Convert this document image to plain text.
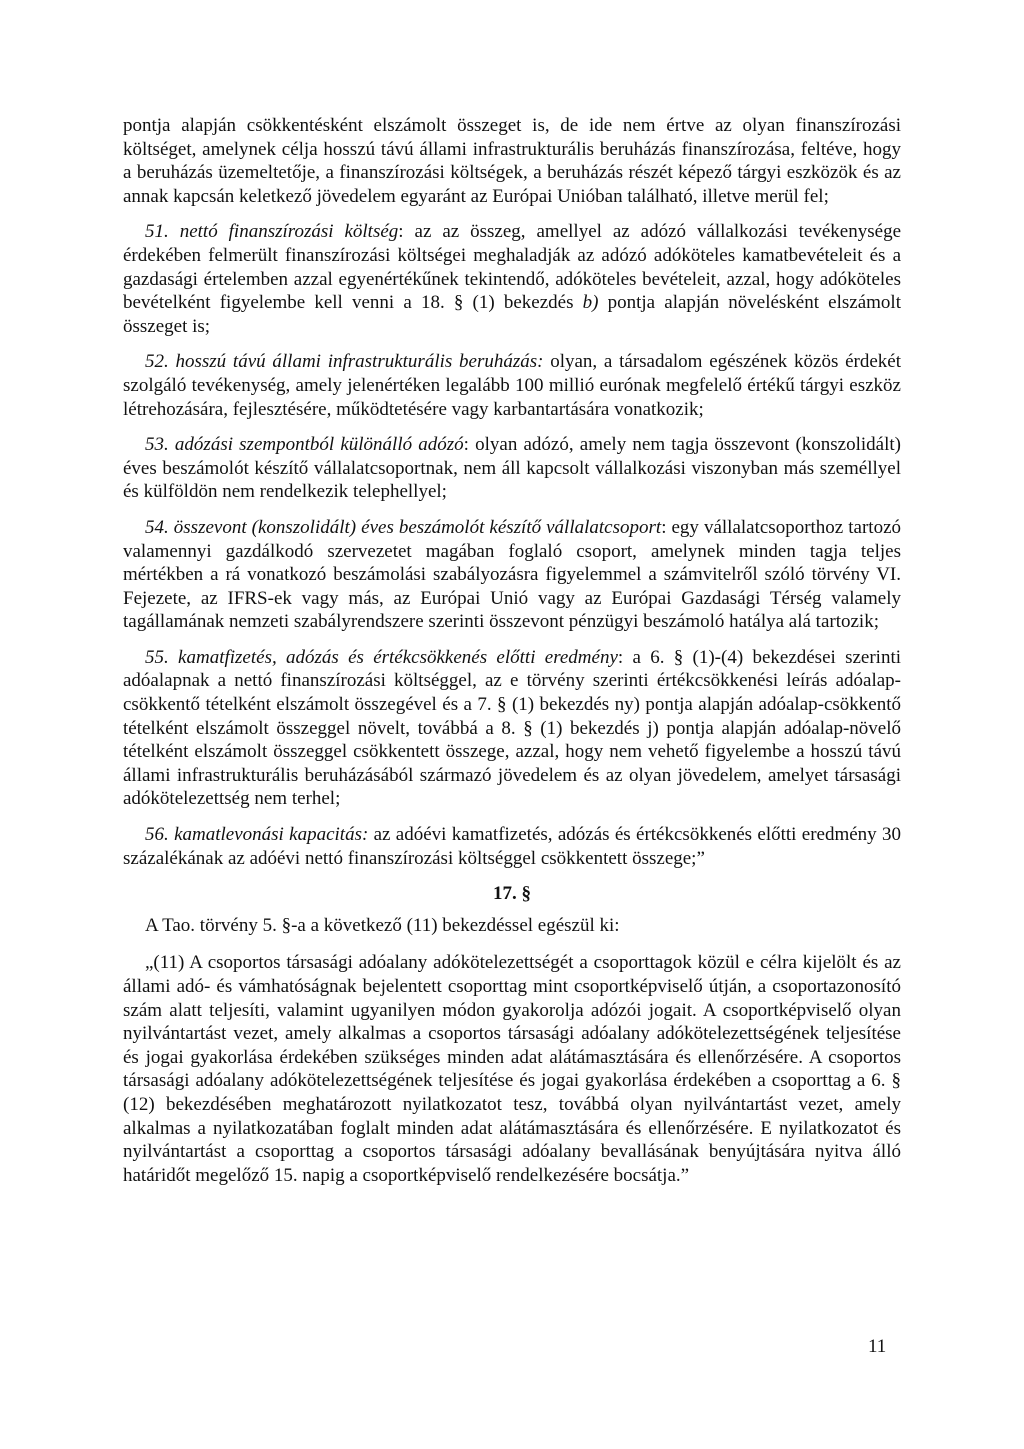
pontja alapján csökkentésként elszámolt összeget is, de ide nem értve az olyan finanszírozási költséget, amelynek célja hosszú távú állami infrastrukturális beruházás finanszírozása, feltéve, hogy a beruházás üzemeltetője, a finanszírozási költségek, a beruházás részét képező tárgyi eszközök és az annak kapcsán keletkező jövedelem egyaránt az Európai Unióban található, illetve merül fel;

51. nettó finanszírozási költség: az az összeg, amellyel az adózó vállalkozási tevékenysége érdekében felmerült finanszírozási költségei meghaladják az adózó adóköteles kamatbevételeit és a gazdasági értelemben azzal egyenértékűnek tekintendő, adóköteles bevételeit, azzal, hogy adóköteles bevételként figyelembe kell venni a 18. § (1) bekezdés b) pontja alapján növelésként elszámolt összeget is;

52. hosszú távú állami infrastrukturális beruházás: olyan, a társadalom egészének közös érdekét szolgáló tevékenység, amely jelenértéken legalább 100 millió eurónak megfelelő értékű tárgyi eszköz létrehozására, fejlesztésére, működtetésére vagy karbantartására vonatkozik;

53. adózási szempontból különálló adózó: olyan adózó, amely nem tagja összevont (konszolidált) éves beszámolót készítő vállalatcsoportnak, nem áll kapcsolt vállalkozási viszonyban más személlyel és külföldön nem rendelkezik telephellyel;

54. összevont (konszolidált) éves beszámolót készítő vállalatcsoport: egy vállalatcsoporthoz tartozó valamennyi gazdálkodó szervezetet magában foglaló csoport, amelynek minden tagja teljes mértékben a rá vonatkozó beszámolási szabályozásra figyelemmel a számvitelről szóló törvény VI. Fejezete, az IFRS-ek vagy más, az Európai Unió vagy az Európai Gazdasági Térség valamely tagállamának nemzeti szabályrendszere szerinti összevont pénzügyi beszámoló hatálya alá tartozik;

55. kamatfizetés, adózás és értékcsökkenés előtti eredmény: a 6. § (1)-(4) bekezdései szerinti adóalapnak a nettó finanszírozási költséggel, az e törvény szerinti értékcsökkenési leírás adóalap-csökkentő tételként elszámolt összegével és a 7. § (1) bekezdés ny) pontja alapján adóalap-csökkentő tételként elszámolt összeggel növelt, továbbá a 8. § (1) bekezdés j) pontja alapján adóalap-növelő tételként elszámolt összeggel csökkentett összege, azzal, hogy nem vehető figyelembe a hosszú távú állami infrastrukturális beruházásából származó jövedelem és az olyan jövedelem, amelyet társasági adókötelezettség nem terhel;

56. kamatlevonási kapacitás: az adóévi kamatfizetés, adózás és értékcsökkenés előtti eredmény 30 százalékának az adóévi nettó finanszírozási költséggel csökkentett összege;”

17. §

A Tao. törvény 5. §-a a következő (11) bekezdéssel egészül ki:

„(11) A csoportos társasági adóalany adókötelezettségét a csoporttagok közül e célra kijelölt és az állami adó- és vámhatóságnak bejelentett csoporttag mint csoportképviselő útján, a csoportazonosító szám alatt teljesíti, valamint ugyanilyen módon gyakorolja adózói jogait. A csoportképviselő olyan nyilvántartást vezet, amely alkalmas a csoportos társasági adóalany adókötelezettségének teljesítése és jogai gyakorlása érdekében szükséges minden adat alátámasztására és ellenőrzésére. A csoportos társasági adóalany adókötelezettségének teljesítése és jogai gyakorlása érdekében a csoporttag a 6. § (12) bekezdésében meghatározott nyilatkozatot tesz, továbbá olyan nyilvántartást vezet, amely alkalmas a nyilatkozatában foglalt minden adat alátámasztására és ellenőrzésére. E nyilatkozatot és nyilvántartást a csoporttag a csoportos társasági adóalany bevallásának benyújtására nyitva álló határidőt megelőző 15. napig a csoportképviselő rendelkezésére bocsátja.”

11
